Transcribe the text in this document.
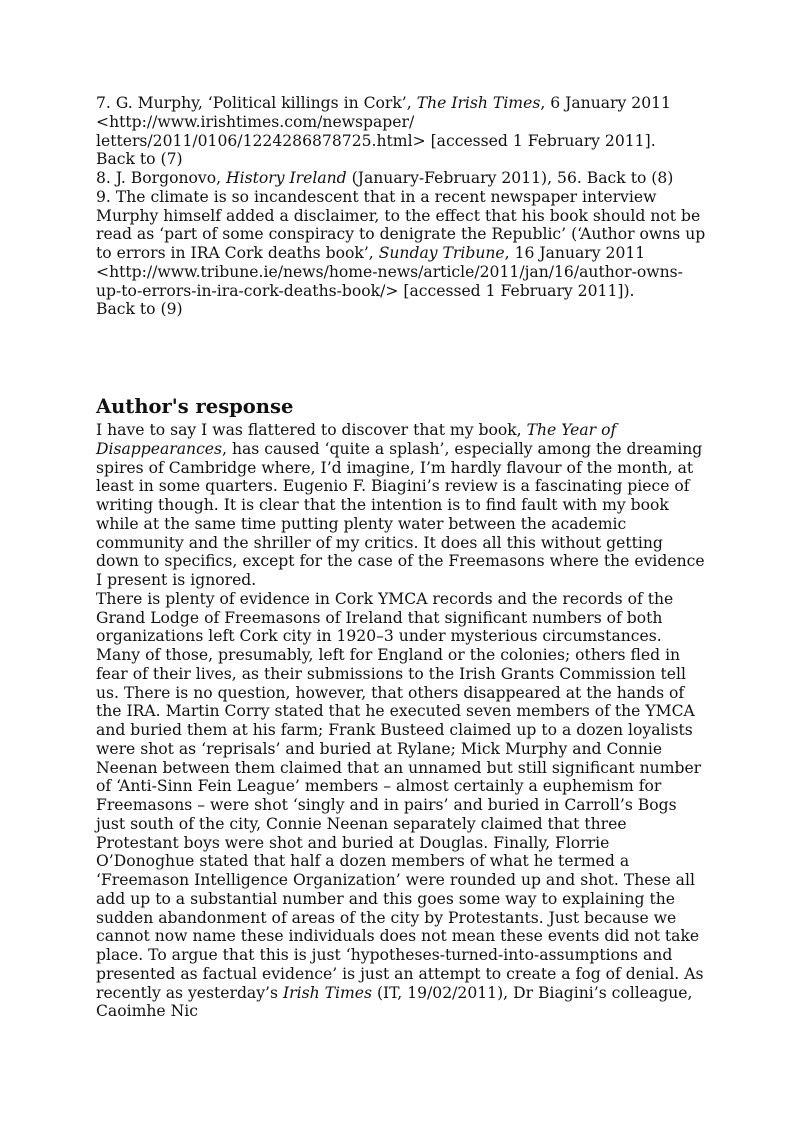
7. G. Murphy, ‘Political killings in Cork’, The Irish Times, 6 January 2011 <http://www.irishtimes.com/newspaper/
letters/2011/0106/1224286878725.html> [accessed 1 February 2011].
Back to (7)

8. J. Borgonovo, History Ireland (January-February 2011), 56. Back to (8)

9. The climate is so incandescent that in a recent newspaper interview Murphy himself added a disclaimer, to the effect that his book should not be read as ‘part of some conspiracy to denigrate the Republic’ (‘Author owns up to errors in IRA Cork deaths book’, Sunday Tribune, 16 January 2011 <http://www.tribune.ie/news/home-news/article/2011/jan/16/author-owns-up-to-errors-in-ira-cork-deaths-book/> [accessed 1 February 2011]).
Back to (9)

Author's response

I have to say I was flattered to discover that my book, The Year of Disappearances, has caused ‘quite a splash’, especially among the dreaming spires of Cambridge where, I’d imagine, I’m hardly flavour of the month, at least in some quarters. Eugenio F. Biagini’s review is a fascinating piece of writing though. It is clear that the intention is to find fault with my book while at the same time putting plenty water between the academic community and the shriller of my critics. It does all this without getting down to specifics, except for the case of the Freemasons where the evidence I present is ignored.

There is plenty of evidence in Cork YMCA records and the records of the Grand Lodge of Freemasons of Ireland that significant numbers of both organizations left Cork city in 1920–3 under mysterious circumstances. Many of those, presumably, left for England or the colonies; others fled in fear of their lives, as their submissions to the Irish Grants Commission tell us. There is no question, however, that others disappeared at the hands of the IRA. Martin Corry stated that he executed seven members of the YMCA and buried them at his farm; Frank Busteed claimed up to a dozen loyalists were shot as ‘reprisals’ and buried at Rylane; Mick Murphy and Connie Neenan between them claimed that an unnamed but still significant number of ‘Anti-Sinn Fein League’ members – almost certainly a euphemism for Freemasons – were shot ‘singly and in pairs’ and buried in Carroll’s Bogs just south of the city, Connie Neenan separately claimed that three Protestant boys were shot and buried at Douglas. Finally, Florrie O’Donoghue stated that half a dozen members of what he termed a ‘Freemason Intelligence Organization’ were rounded up and shot. These all add up to a substantial number and this goes some way to explaining the sudden abandonment of areas of the city by Protestants. Just because we cannot now name these individuals does not mean these events did not take place. To argue that this is just ‘hypotheses-turned-into-assumptions and presented as factual evidence’ is just an attempt to create a fog of denial. As recently as yesterday’s Irish Times (IT, 19/02/2011), Dr Biagini’s colleague, Caoimhe Nic
